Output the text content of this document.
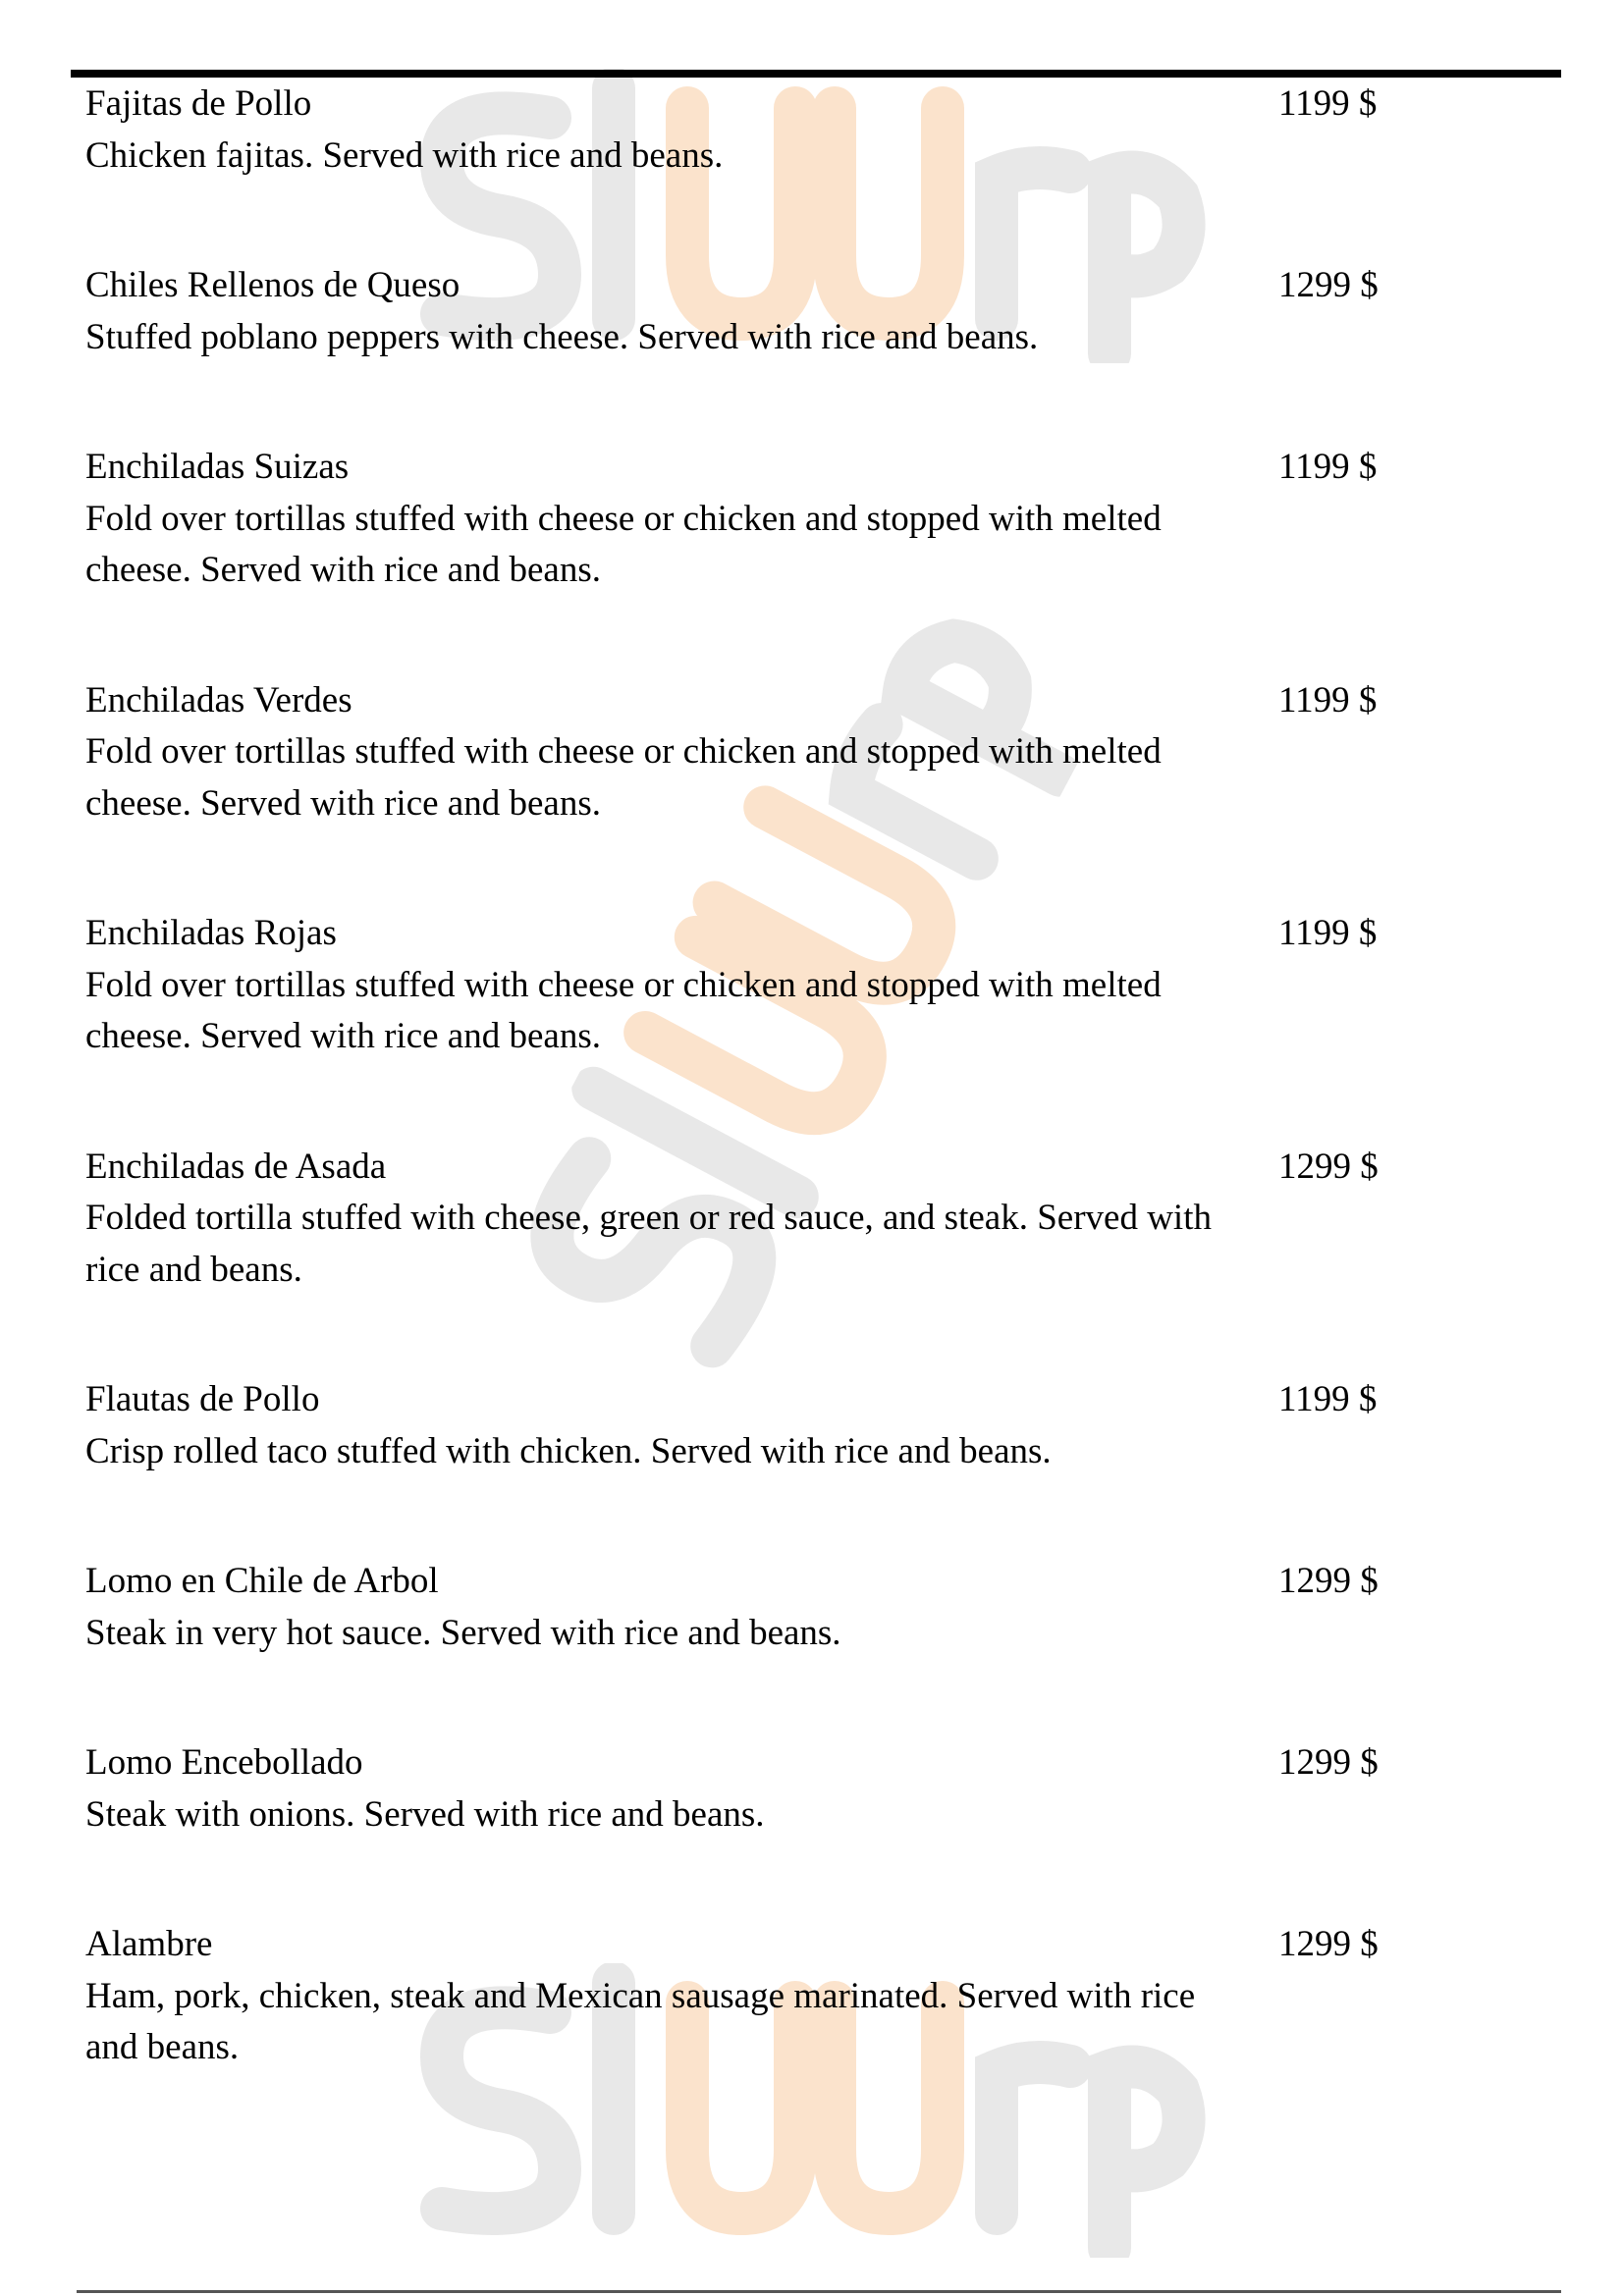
Fajitas de Pollo
Chicken fajitas. Served with rice and beans.
1199 $
Chiles Rellenos de Queso
Stuffed poblano peppers with cheese. Served with rice and beans.
1299 $
Enchiladas Suizas
Fold over tortillas stuffed with cheese or chicken and stopped with melted cheese. Served with rice and beans.
1199 $
Enchiladas Verdes
Fold over tortillas stuffed with cheese or chicken and stopped with melted cheese. Served with rice and beans.
1199 $
Enchiladas Rojas
Fold over tortillas stuffed with cheese or chicken and stopped with melted cheese. Served with rice and beans.
1199 $
Enchiladas de Asada
Folded tortilla stuffed with cheese, green or red sauce, and steak. Served with rice and beans.
1299 $
Flautas de Pollo
Crisp rolled taco stuffed with chicken. Served with rice and beans.
1199 $
Lomo en Chile de Arbol
Steak in very hot sauce. Served with rice and beans.
1299 $
Lomo Encebollado
Steak with onions. Served with rice and beans.
1299 $
Alambre
Ham, pork, chicken, steak and Mexican sausage marinated. Served with rice and beans.
1299 $
